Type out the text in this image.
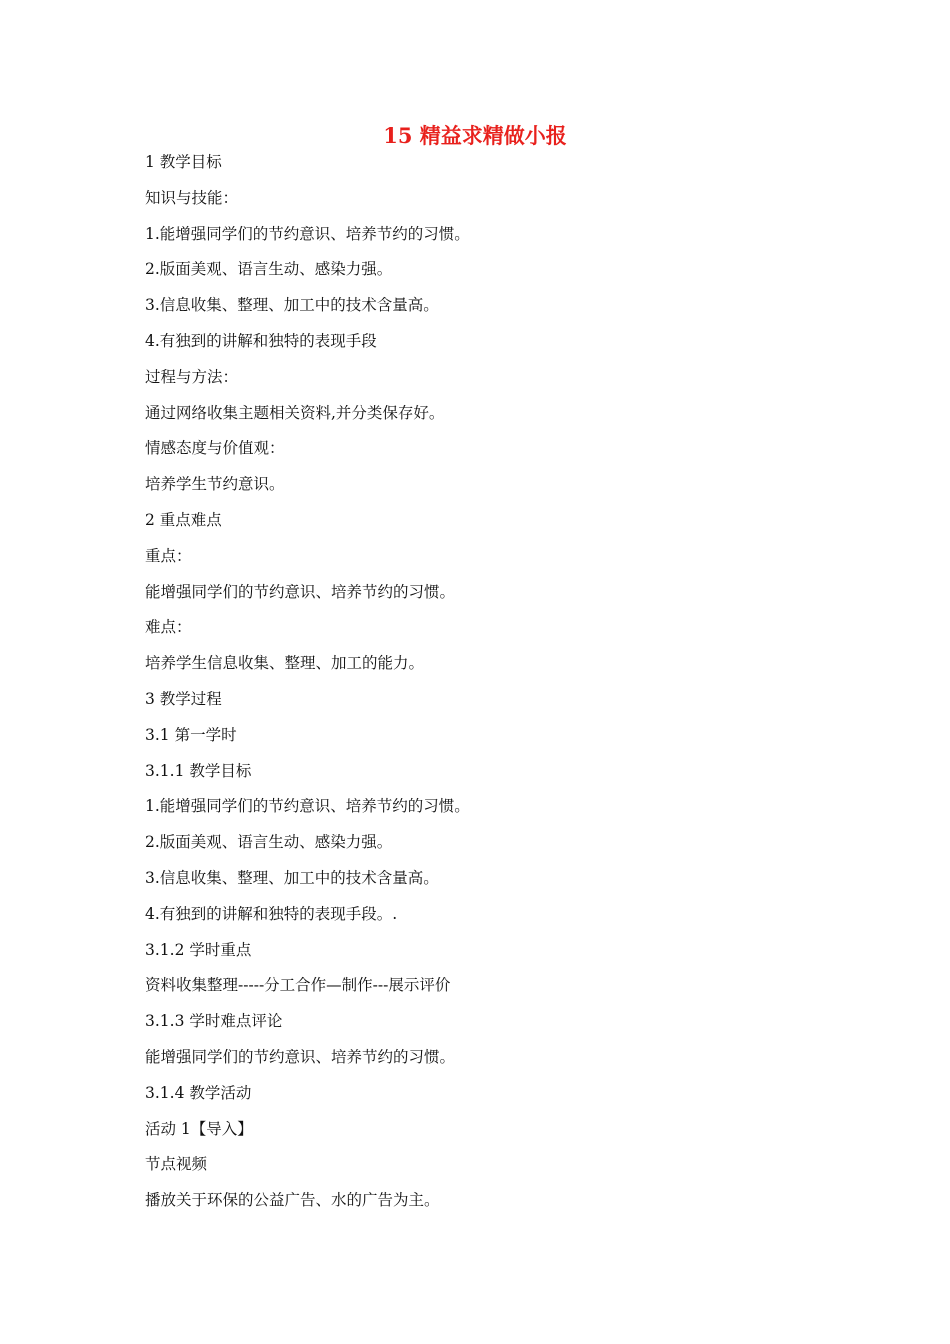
15 精益求精做小报
1 教学目标
知识与技能：
1.能增强同学们的节约意识、培养节约的习惯。
2.版面美观、语言生动、感染力强。
3.信息收集、整理、加工中的技术含量高。
4.有独到的讲解和独特的表现手段
过程与方法：
通过网络收集主题相关资料,并分类保存好。
情感态度与价值观：
培养学生节约意识。
2 重点难点
重点：
能增强同学们的节约意识、培养节约的习惯。
难点：
培养学生信息收集、整理、加工的能力。
3 教学过程
3.1 第一学时
3.1.1 教学目标
1.能增强同学们的节约意识、培养节约的习惯。
2.版面美观、语言生动、感染力强。
3.信息收集、整理、加工中的技术含量高。
4.有独到的讲解和独特的表现手段。.
3.1.2 学时重点
资料收集整理-----分工合作—制作---展示评价
3.1.3 学时难点评论
能增强同学们的节约意识、培养节约的习惯。
3.1.4 教学活动
活动 1【导入】
节点视频
播放关于环保的公益广告、水的广告为主。
